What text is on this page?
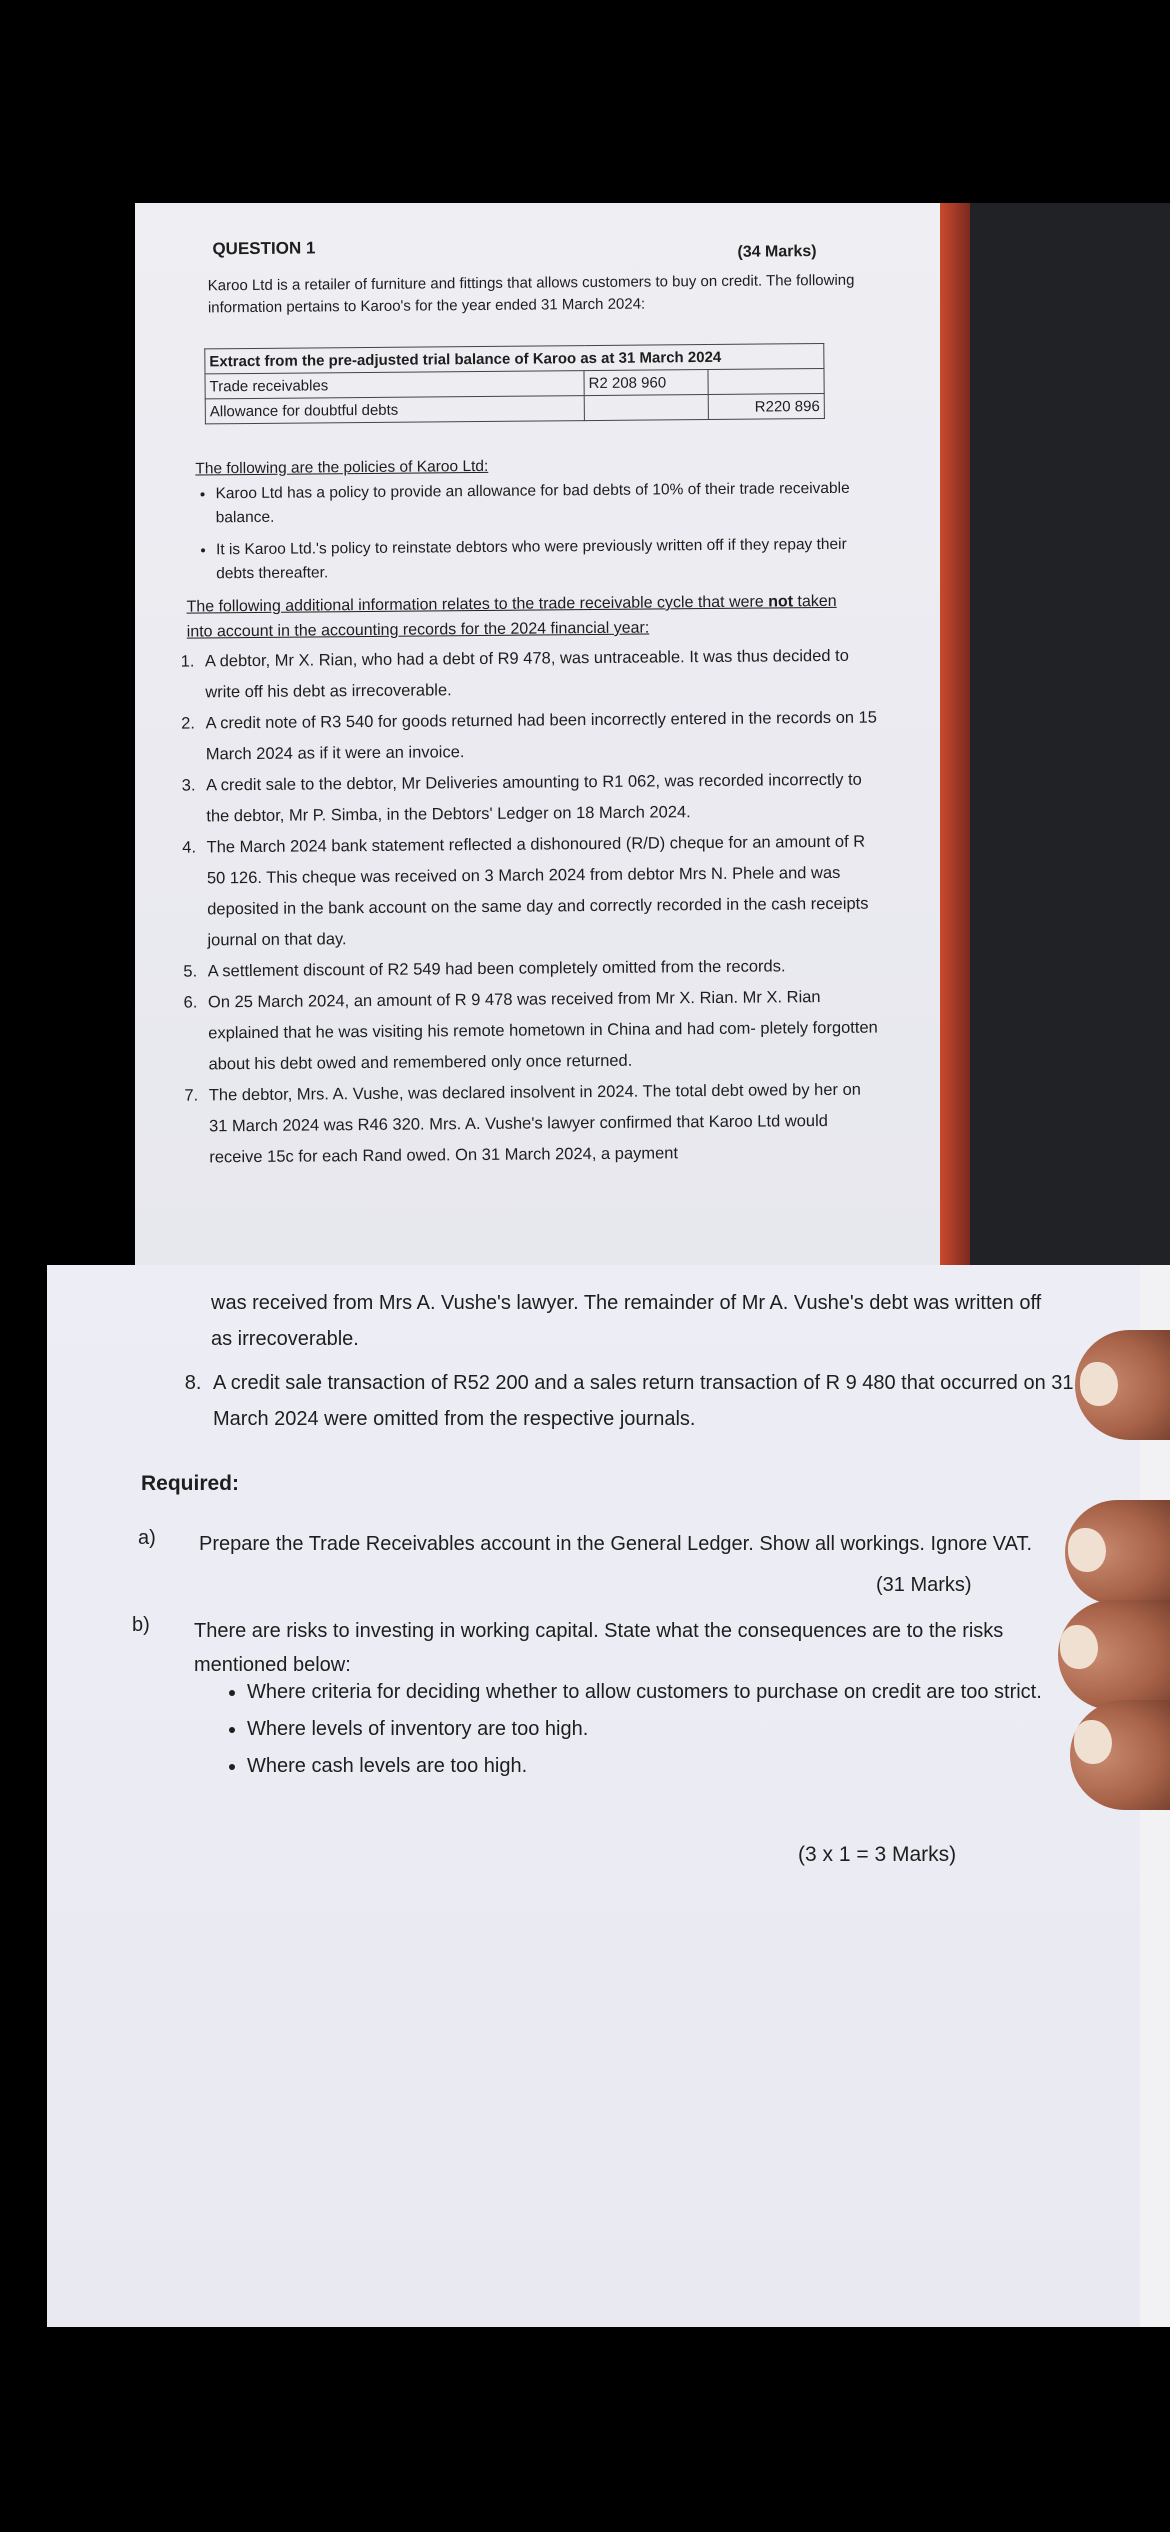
QUESTION 1	(34 Marks)
Karoo Ltd is a retailer of furniture and fittings that allows customers to buy on credit. The following information pertains to Karoo's for the year ended 31 March 2024:
Extract from the pre-adjusted trial balance of Karoo as at 31 March 2024		
Trade receivables	R2 208 960	
Allowance for doubtful debts		R220 896
The following are the policies of Karoo Ltd:
• Karoo Ltd has a policy to provide an allowance for bad debts of 10% of their trade receivable balance.
• It is Karoo Ltd.'s policy to reinstate debtors who were previously written off if they repay their debts thereafter.
The following additional information relates to the trade receivable cycle that were not taken into account in the accounting records for the 2024 financial year:
1. A debtor, Mr X. Rian, who had a debt of R9 478, was untraceable. It was thus decided to write off his debt as irrecoverable.
2. A credit note of R3 540 for goods returned had been incorrectly entered in the records on 15 March 2024 as if it were an invoice.
3. A credit sale to the debtor, Mr Deliveries amounting to R1 062, was recorded incorrectly to the debtor, Mr P. Simba, in the Debtors' Ledger on 18 March 2024.
4. The March 2024 bank statement reflected a dishonoured (R/D) cheque for an amount of R 50 126. This cheque was received on 3 March 2024 from debtor Mrs N. Phele and was deposited in the bank account on the same day and correctly recorded in the cash receipts journal on that day.
5. A settlement discount of R2 549 had been completely omitted from the records.
6. On 25 March 2024, an amount of R 9 478 was received from Mr X. Rian. Mr X. Rian explained that he was visiting his remote hometown in China and had com- pletely forgotten about his debt owed and remembered only once returned.
7. The debtor, Mrs. A. Vushe, was declared insolvent in 2024. The total debt owed by her on 31 March 2024 was R46 320. Mrs. A. Vushe's lawyer confirmed that Karoo Ltd would receive 15c for each Rand owed. On 31 March 2024, a payment
was received from Mrs A. Vushe's lawyer. The remainder of Mr A. Vushe's debt was written off as irrecoverable.
8. A credit sale transaction of R52 200 and a sales return transaction of R 9 480 that occurred on 31 March 2024 were omitted from the respective journals.
Required:
a) Prepare the Trade Receivables account in the General Ledger. Show all workings. Ignore VAT.
(31 Marks)
b) There are risks to investing in working capital. State what the consequences are to the risks mentioned below:
• Where criteria for deciding whether to allow customers to purchase on credit are too strict.
• Where levels of inventory are too high.
• Where cash levels are too high.
(3 x 1 = 3 Marks)
